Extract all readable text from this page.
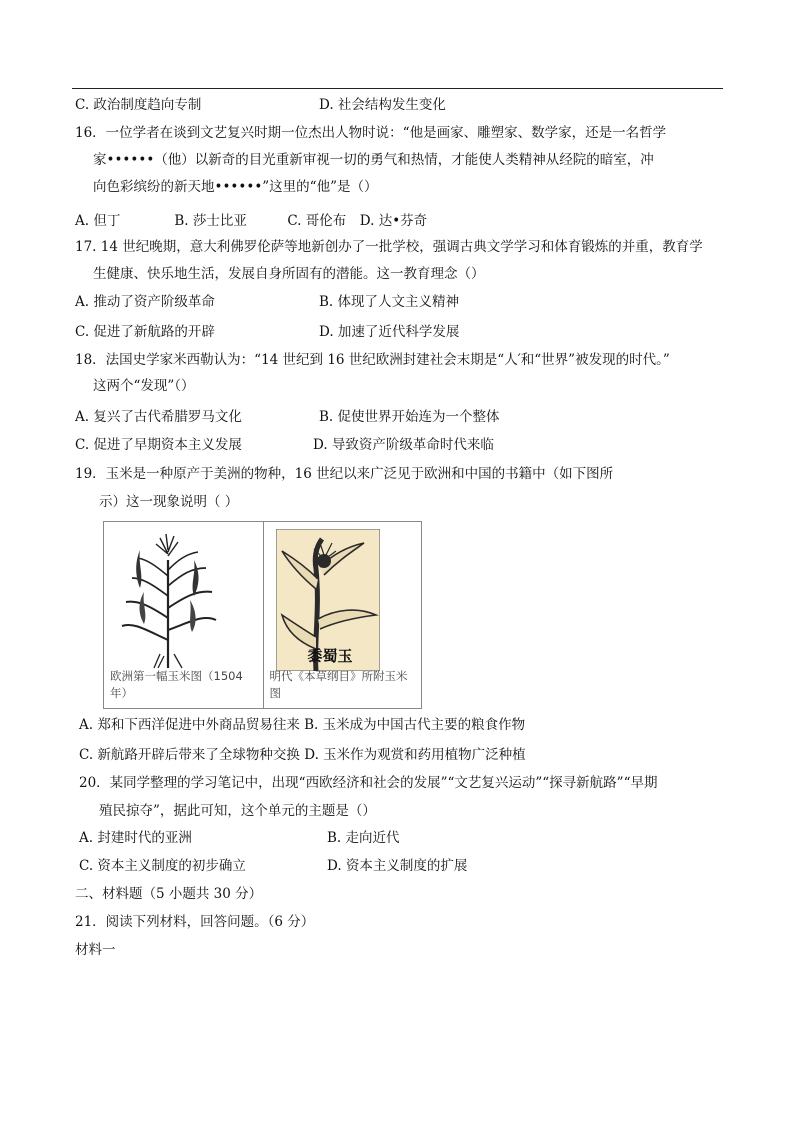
C. 政治制度趋向专制	D. 社会结构发生变化
16．一位学者在谈到文艺复兴时期一位杰出人物时说：“他是画家、雕塑家、数学家，还是一名哲学
家••••••（他）以新奇的目光重新审视一切的勇气和热情，才能使人类精神从经院的暗室，冲
向色彩缤纷的新天地••••••”这里的“他”是（）
A. 但丁　　　　B. 莎士比亚　　　C. 哥伦布　D. 达•芬奇
17. 14 世纪晚期，意大利佛罗伦萨等地新创办了一批学校，强调古典文学学习和体育锻炼的并重，教育学
生健康、快乐地生活，发展自身所固有的潜能。这一教育理念（）
A. 推动了资产阶级革命	B. 体现了人文主义精神
C. 促进了新航路的开辟	D. 加速了近代科学发展
18．法国史学家米西勒认为：“14 世纪到 16 世纪欧洲封建社会末期是“人′和“世界”被发现的时代。”
这两个“发现”（）
A. 复兴了古代希腊罗马文化	B. 促使世界开始连为一个整体
C. 促进了早期资本主义发展	D. 导致资产阶级革命时代来临
19．玉米是一种原产于美洲的物种，16 世纪以来广泛见于欧洲和中国的书籍中（如下图所
示）这一现象说明（ ）
欧洲第一幅玉米图（1504年）
黍蜀玉
明代《本草纲目》所附玉米图
A. 郑和下西洋促进中外商品贸易往来 B. 玉米成为中国古代主要的粮食作物
C. 新航路开辟后带来了全球物种交换 D. 玉米作为观赏和药用植物广泛种植
20．某同学整理的学习笔记中，出现“西欧经济和社会的发展”“文艺复兴运动”“探寻新航路”“早期
殖民掠夺”，据此可知，这个单元的主题是（）
A. 封建时代的亚洲	B. 走向近代
C. 资本主义制度的初步确立	D. 资本主义制度的扩展
二、材料题（5 小题共 30 分）
21．阅读下列材料，回答问题。（6 分）
材料一
